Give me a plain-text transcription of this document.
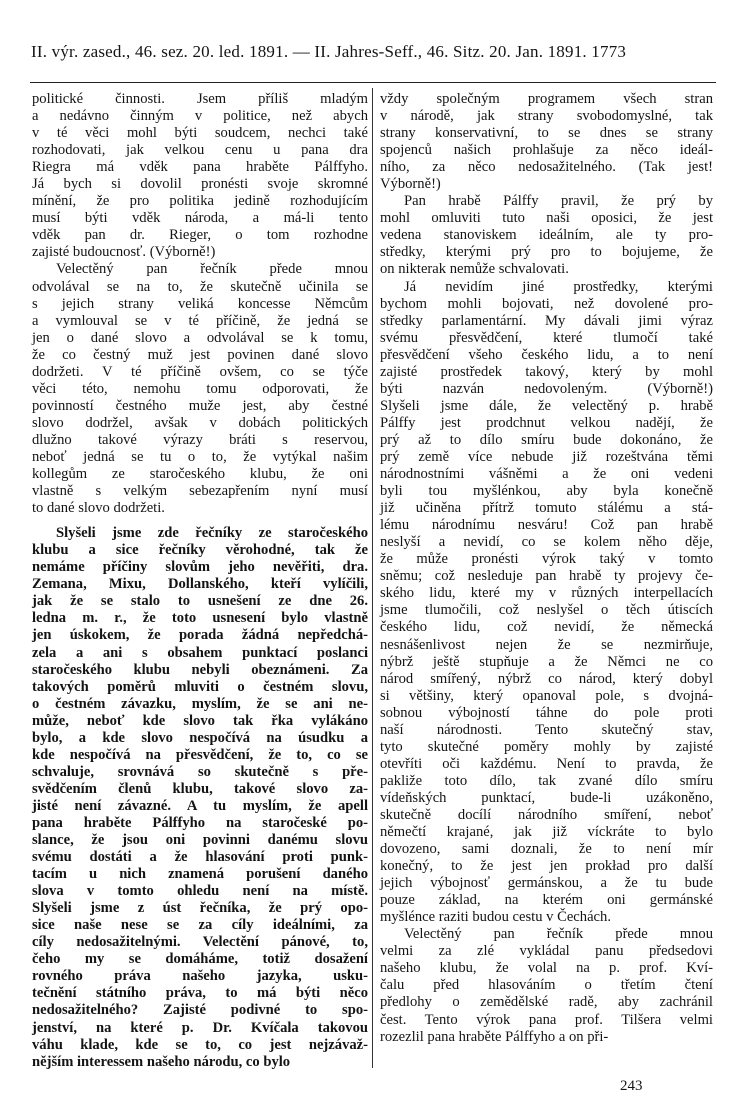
II. výr. zased., 46. sez. 20. led. 1891. — II. Jahres-Seff., 46. Sitz. 20. Jan. 1891. 1773

politické činnosti. Jsem příliš mladým

a nedávno činným v politice, než abych

v té věci mohl býti soudcem, nechci také

rozhodovati, jak velkou cenu u pana dra

Riegra má vděk pana hraběte Pálffyho.

Já bych si dovolil pronésti svoje skromné

mínění, že pro politika jedině rozhodujícím

musí býti vděk národa, a má-li tento

vděk pan dr. Rieger, o tom rozhodne

zajisté budoucnosť. (Výborně!)

Velectěný pan řečník přede mnou

odvolával se na to, že skutečně učinila se

s jejich strany veliká koncesse Němcům

a vymlouval se v té příčině, že jedná se

jen o dané slovo a odvolával se k tomu,

že co čestný muž jest povinen dané slovo

dodržeti. V té příčině ovšem, co se týče

věci této, nemohu tomu odporovati, že

povinností čestného muže jest, aby čestné

slovo dodržel, avšak v dobách politických

dlužno takové výrazy bráti s reservou,

neboť jedná se tu o to, že vytýkal našim

kollegům ze staročeského klubu, že oni

vlastně s velkým sebezapřením nyní musí

to dané slovo dodržeti.

Slyšeli jsme zde řečníky ze staročeského

klubu a sice řečníky věrohodné, tak že

nemáme příčiny slovům jeho nevěřiti, dra.

Zemana, Mixu, Dollanského, kteří vylíčili,

jak že se stalo to usnešení ze dne 26.

ledna m. r., že toto usnesení bylo vlastně

jen úskokem, že porada žádná nepředchá-

zela a ani s obsahem punktací poslanci

staročeského klubu nebyli obeznámeni. Za

takových poměrů mluviti o čestném slovu,

o čestném závazku, myslím, že se ani ne-

může, neboť kde slovo tak řka vylákáno

bylo, a kde slovo nespočívá na úsudku a

kde nespočívá na přesvědčení, že to, co se

schvaluje, srovnává so skutečně s pře-

svědčením členů klubu, takové slovo za-

jisté není závazné. A tu myslím, že apell

pana hraběte Pálffyho na staročeské po-

slance, že jsou oni povinni danému slovu

svému dostáti a že hlasování proti punk-

tacím u nich znamená porušení daného

slova v tomto ohledu není na místě.

Slyšeli jsme z úst řečníka, že prý opo-

sice naše nese se za cíly ideálními, za

cíly nedosažitelnými. Velectění pánové, to,

čeho my se domáháme, totiž dosažení

rovného práva našeho jazyka, usku-

tečnění státního práva, to má býti něco

nedosažitelného? Zajisté podivné to spo-

jenství, na které p. Dr. Kvíčala takovou

váhu klade, kde se to, co jest nejzávaž-

nějším interessem našeho národu, co bylo

vždy společným programem všech stran

v národě, jak strany svobodomyslné, tak

strany konservativní, to se dnes se strany

spojenců našich prohlašuje za něco ideál-

ního, za něco nedosažitelného. (Tak jest!

Výborně!)

Pan hrabě Pálffy pravil, že prý by

mohl omluviti tuto naši oposici, že jest

vedena stanoviskem ideálním, ale ty pro-

středky, kterými prý pro to bojujeme, že

on nikterak nemůže schvalovati.

Já nevidím jiné prostředky, kterými

bychom mohli bojovati, než dovolené pro-

středky parlamentární. My dávali jimi výraz

svému přesvědčení, které tlumočí také

přesvědčení všeho českého lidu, a to není

zajisté prostředek takový, který by mohl

býti nazván nedovoleným. (Výborně!)

Slyšeli jsme dále, že velectěný p. hrabě

Pálffy jest prodchnut velkou nadějí, že

prý až to dílo smíru bude dokonáno, že

prý země více nebude již rozeštvána těmi

národnostními vášněmi a že oni vedeni

byli tou myšlénkou, aby byla konečně

již učiněna přítrž tomuto stálému a stá-

lému národnímu nesváru! Což pan hrabě

neslyší a nevidí, co se kolem něho děje,

že může pronésti výrok taký v tomto

sněmu; což nesleduje pan hrabě ty projevy če-

ského lidu, které my v různých interpellacích

jsme tlumočili, což neslyšel o těch útiscích

českého lidu, což nevidí, že německá

nesnášenlivost nejen že se nezmirňuje,

nýbrž ještě stupňuje a že Němci ne co

národ smířený, nýbrž co národ, který dobyl

si většiny, který opanoval pole, s dvojná-

sobnou výbojností táhne do pole proti

naší národnosti. Tento skutečný stav,

tyto skutečné poměry mohly by zajisté

otevříti oči každému. Není to pravda, že

pakliže toto dílo, tak zvané dílo smíru

vídeňských punktací, bude-li uzákoněno,

skutečně docílí národního smíření, neboť

němečtí krajané, jak již víckráte to bylo

dovozeno, sami doznali, že to není mír

konečný, to že jest jen prokład pro další

jejich výbojnosť germánskou, a že tu bude

pouze základ, na kterém oni germánské

myšlénce raziti budou cestu v Čechách.

Velectěný pan řečník přede mnou

velmi za zlé vykládal panu předsedovi

našeho klubu, že volal na p. prof. Kví-

čalu před hlasováním o třetím čtení

předlohy o zemědělské radě, aby zachránil

čest. Tento výrok pana prof. Tilšera velmi

rozezlil pana hraběte Pálffyho a on při-

243
